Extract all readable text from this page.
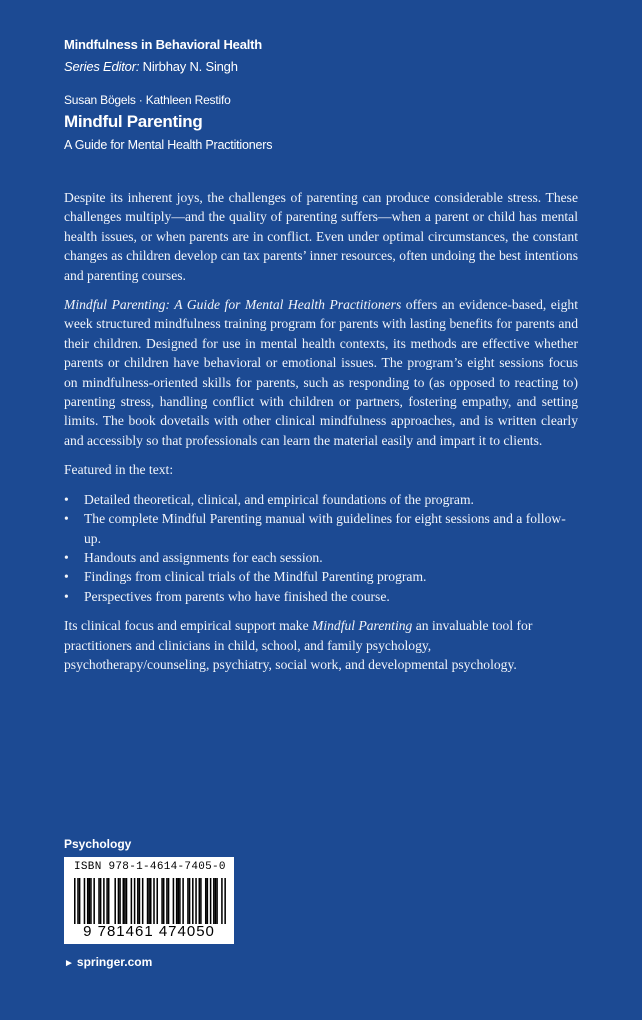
Mindfulness in Behavioral Health
Series Editor: Nirbhay N. Singh
Susan Bögels · Kathleen Restifo
Mindful Parenting
A Guide for Mental Health Practitioners

Despite its inherent joys, the challenges of parenting can produce considerable stress. These challenges multiply—and the quality of parenting suffers—when a parent or child has mental health issues, or when parents are in conflict. Even under optimal circumstances, the constant changes as children develop can tax parents’ inner resources, often undoing the best intentions and parenting courses.

Mindful Parenting: A Guide for Mental Health Practitioners offers an evidence-based, eight week structured mindfulness training program for parents with lasting benefits for parents and their children. Designed for use in mental health contexts, its methods are effective whether parents or children have behavioral or emotional issues. The program’s eight sessions focus on mindfulness-oriented skills for parents, such as responding to (as opposed to reacting to) parenting stress, handling conflict with children or partners, fostering empathy, and setting limits. The book dovetails with other clinical mindfulness approaches, and is written clearly and accessibly so that professionals can learn the material easily and impart it to clients.

Featured in the text:

• Detailed theoretical, clinical, and empirical foundations of the program.
• The complete Mindful Parenting manual with guidelines for eight sessions and a follow-up.
• Handouts and assignments for each session.
• Findings from clinical trials of the Mindful Parenting program.
• Perspectives from parents who have finished the course.

Its clinical focus and empirical support make Mindful Parenting an invaluable tool for practitioners and clinicians in child, school, and family psychology, psychotherapy/counseling, psychiatry, social work, and developmental psychology.

Psychology
ISBN 978-1-4614-7405-0
9 781461 474050
► springer.com
